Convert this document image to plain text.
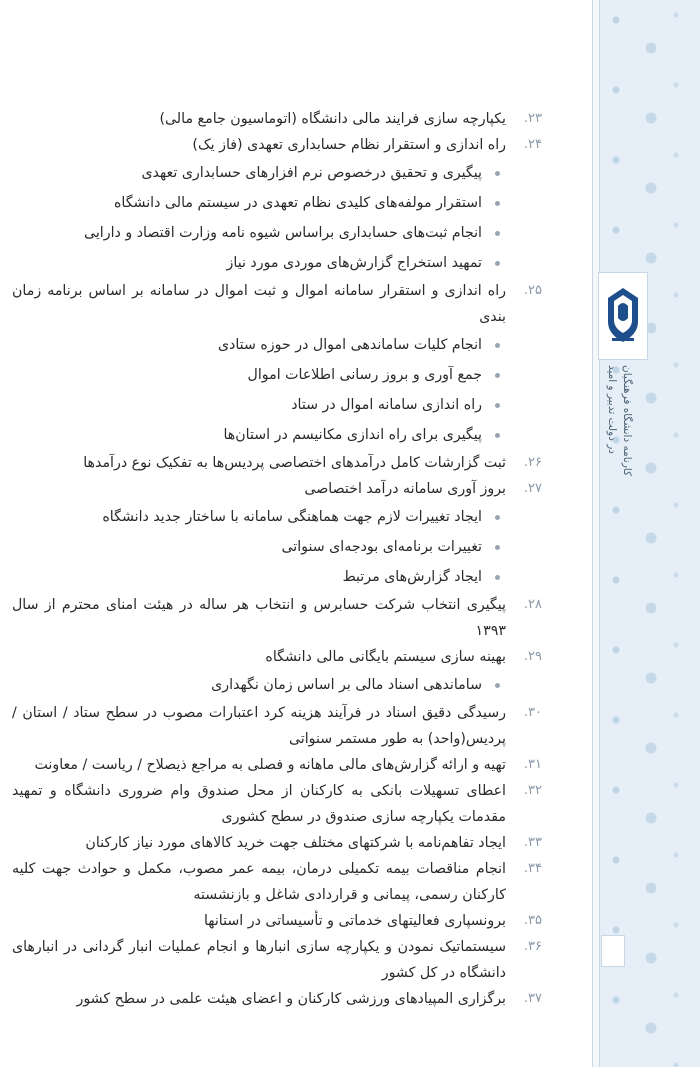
کارنامه دانشگاه فرهنگیان
در دولت تدبیر و امید
۲۳ .
یکپارچه سازی فرایند مالی دانشگاه (اتوماسیون جامع مالی)
۲۴ .
راه اندازی و استقرار نظام حسابداری تعهدی (فاز یک)
پیگیری و تحقیق درخصوص نرم افزارهای حسابداری تعهدی
استقرار مولفه‌های کلیدی نظام تعهدی در سیستم مالی دانشگاه
انجام ثبت‌های حسابداری براساس شیوه نامه وزارت اقتصاد و دارایی
تمهید استخراج گزارش‌های موردی مورد نیاز
۲۵ .
راه اندازی و استقرار سامانه اموال و ثبت اموال در سامانه بر اساس برنامه زمان بندی
انجام کلیات ساماندهی اموال در حوزه ستادی
جمع آوری و بروز رسانی اطلاعات اموال
راه اندازی سامانه اموال در ستاد
پیگیری برای راه اندازی مکانیسم در استان‌ها
۲۶ .
ثبت گزارشات کامل درآمدهای اختصاصی پردیس‌ها به تفکیک نوع درآمدها
۲۷ .
بروز آوری سامانه درآمد اختصاصی
ایجاد تغییرات لازم جهت هماهنگی سامانه با ساختار جدید دانشگاه
تغییرات برنامه‌ای بودجه‌ای سنواتی
ایجاد گزارش‌های مرتبط
۲۸ .
پیگیری انتخاب شرکت حسابرس و انتخاب هر ساله در هیئت امنای محترم از سال ۱۳۹۳
۲۹ .
بهینه سازی سیستم بایگانی مالی دانشگاه
ساماندهی اسناد مالی بر اساس زمان نگهداری
۳۰ .
رسیدگی دقیق اسناد در فرآیند هزینه کرد اعتبارات مصوب در سطح ستاد / استان / پردیس(واحد) به طور مستمر سنواتی
۳۱ .
تهیه و ارائه گزارش‌های مالی ماهانه و فصلی به مراجع ذیصلاح / ریاست / معاونت
۳۲ .
اعطای تسهیلات بانکی به کارکنان از محل صندوق وام ضروری دانشگاه و تمهید مقدمات یکپارچه سازی صندوق در سطح کشوری
۳۳ .
ایجاد تفاهم‌نامه با شرکتهای مختلف جهت خرید کالاهای مورد نیاز کارکنان
۳۴ .
انجام مناقصات بیمه تکمیلی درمان، بیمه عمر مصوب، مکمل و حوادث جهت کلیه کارکنان رسمی، پیمانی و قراردادی شاغل و بازنشسته
۳۵ .
برونسپاری فعالیتهای خدماتی و تأسیساتی در استانها
۳۶ .
سیستماتیک نمودن و یکپارچه سازی انبارها و انجام عملیات انبار گردانی در انبارهای دانشگاه در کل کشور
۳۷ .
برگزاری المپیادهای ورزشی کارکنان و اعضای هیئت علمی در سطح کشور
